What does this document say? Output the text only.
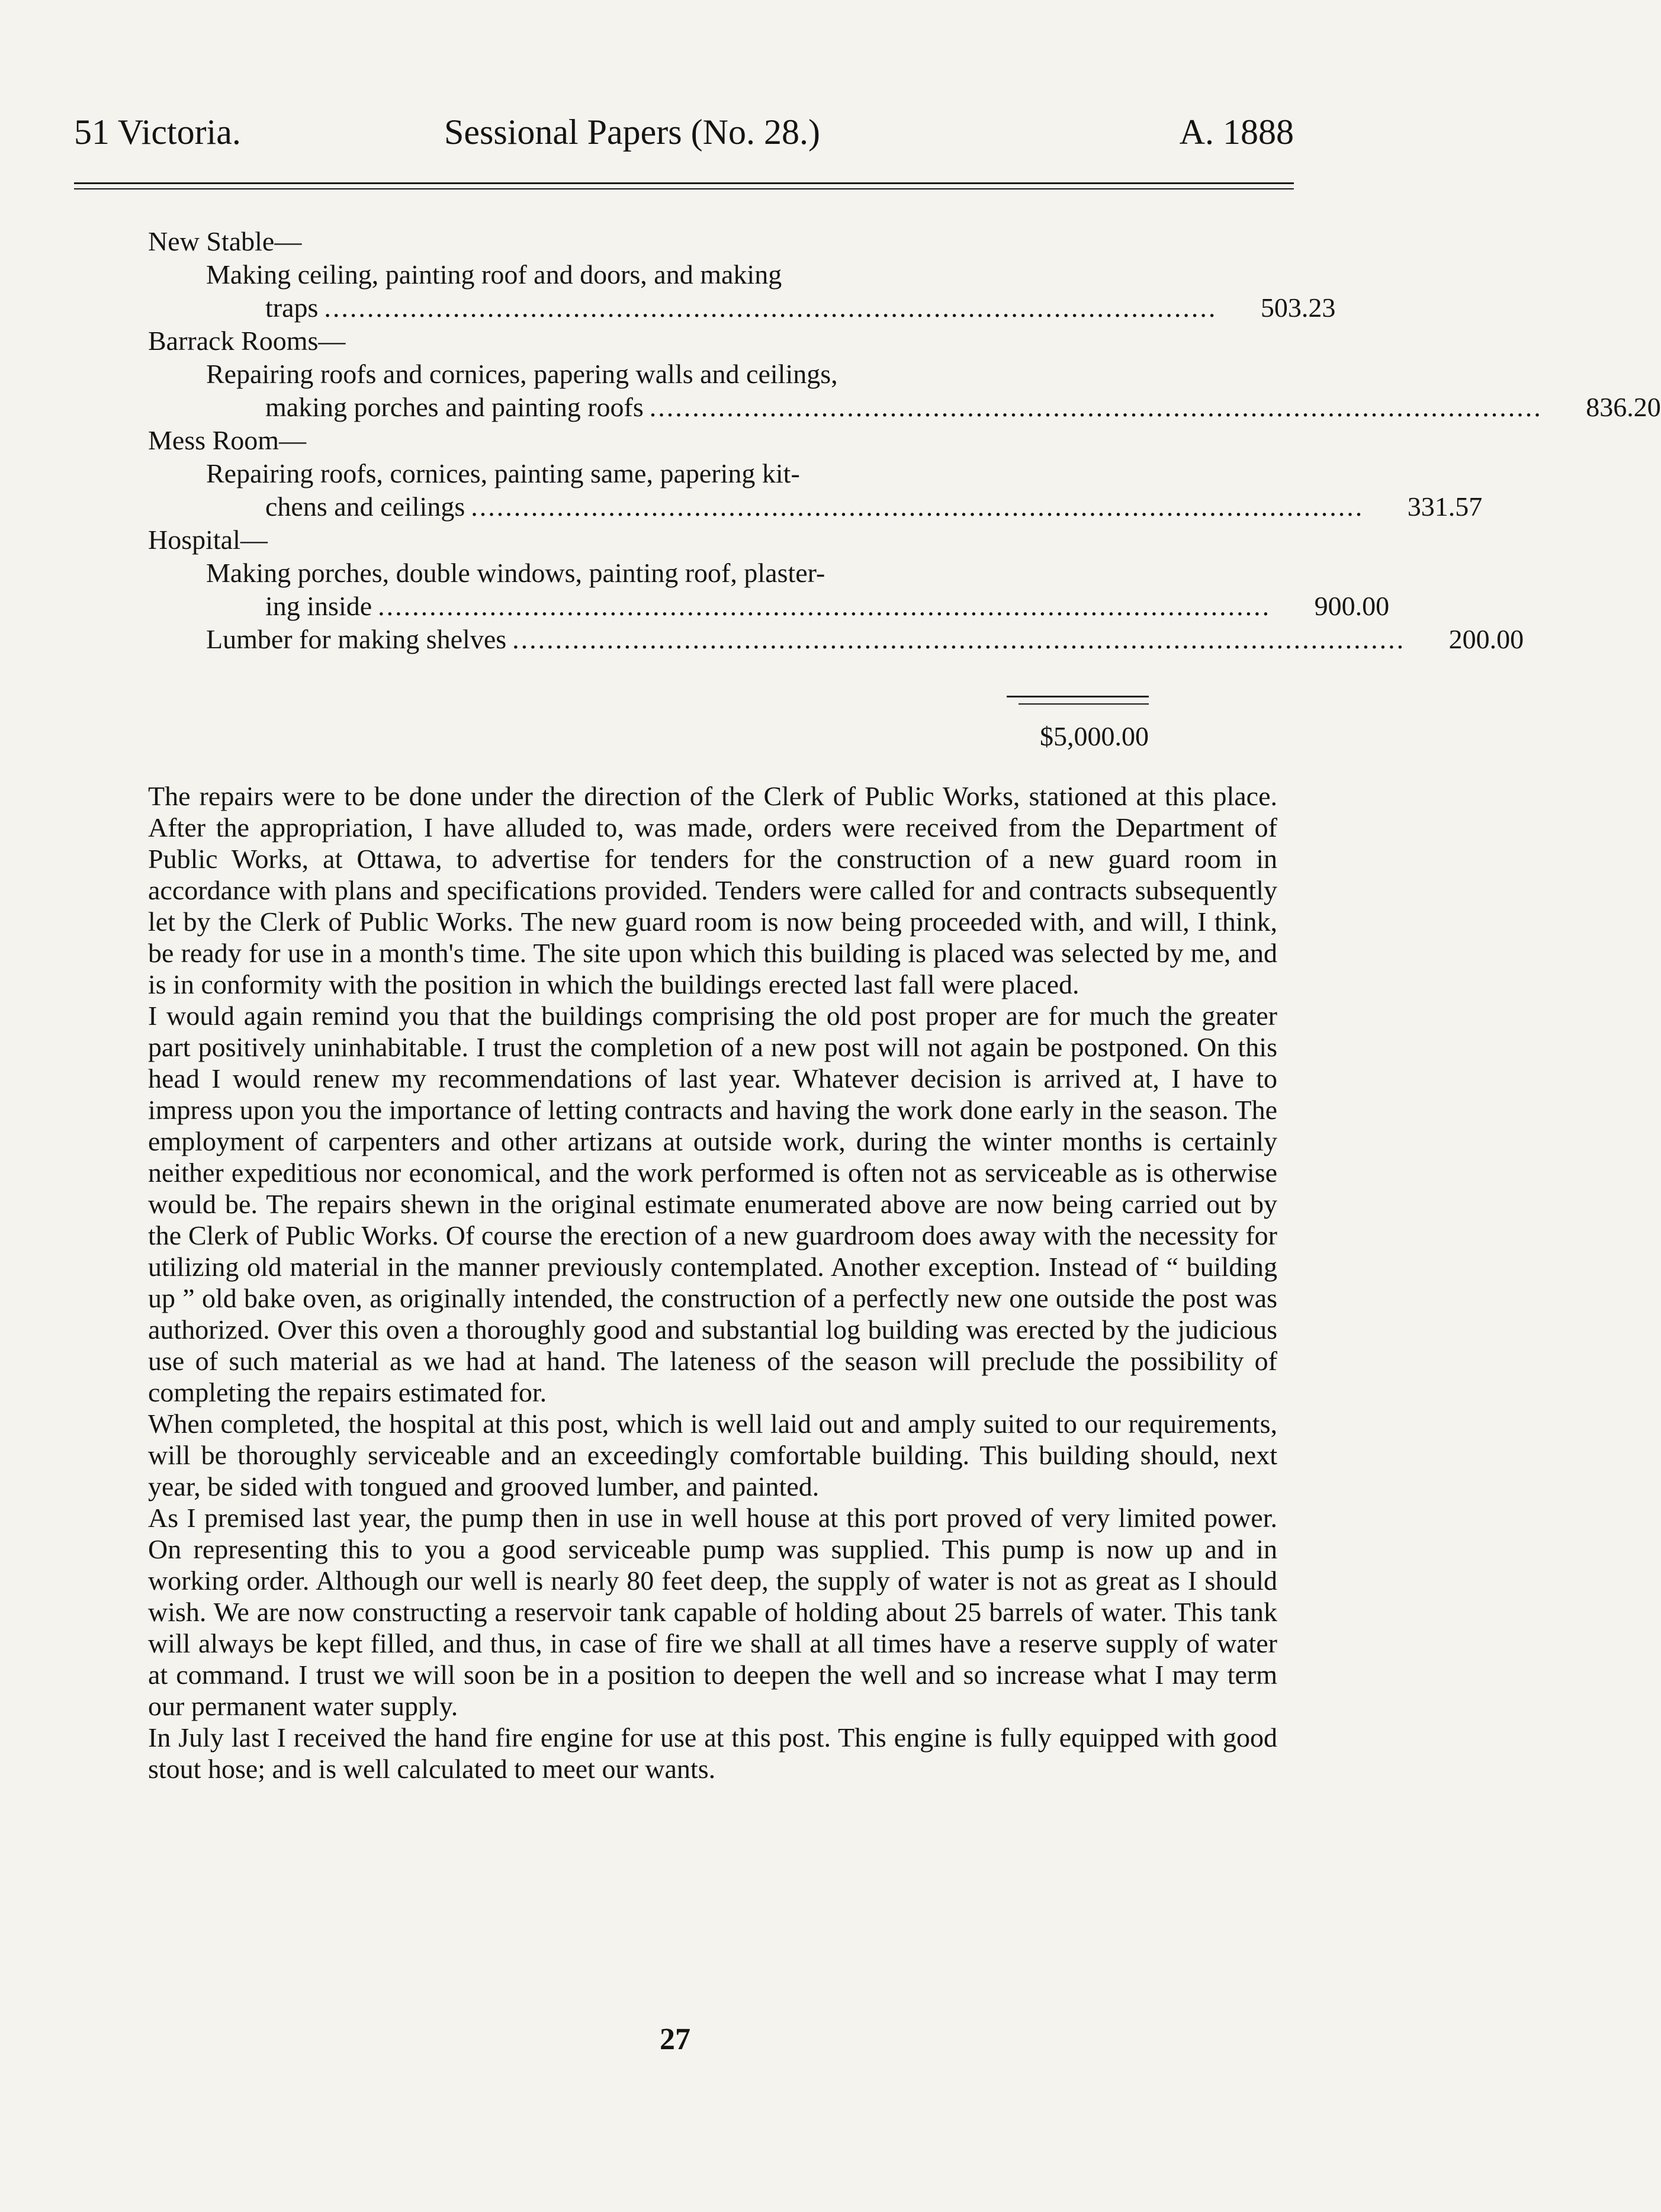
51 Victoria.	Sessional Papers (No. 28.)	A. 1888
New Stable—
Making ceiling, painting roof and doors, and making
traps ........................................................................................................	503.23
Barrack Rooms—
Repairing roofs and cornices, papering walls and ceilings,
making porches and painting roofs ........................................................................................................	836.20
Mess Room—
Repairing roofs, cornices, painting same, papering kit-
chens and ceilings ........................................................................................................	331.57
Hospital—
Making porches, double windows, painting roof, plaster-
ing inside ........................................................................................................	900.00
Lumber for making shelves ........................................................................................................	200.00
$5,000.00

The repairs were to be done under the direction of the Clerk of Public Works, stationed at this place. After the appropriation, I have alluded to, was made, orders were received from the Department of Public Works, at Ottawa, to advertise for tenders for the construction of a new guard room in accordance with plans and specifications provided. Tenders were called for and contracts subsequently let by the Clerk of Public Works. The new guard room is now being proceeded with, and will, I think, be ready for use in a month's time. The site upon which this building is placed was selected by me, and is in conformity with the position in which the buildings erected last fall were placed.

I would again remind you that the buildings comprising the old post proper are for much the greater part positively uninhabitable. I trust the completion of a new post will not again be postponed. On this head I would renew my recommendations of last year. Whatever decision is arrived at, I have to impress upon you the importance of letting contracts and having the work done early in the season. The employment of carpenters and other artizans at outside work, during the winter months is certainly neither expeditious nor economical, and the work performed is often not as serviceable as is otherwise would be. The repairs shewn in the original estimate enumerated above are now being carried out by the Clerk of Public Works. Of course the erection of a new guardroom does away with the necessity for utilizing old material in the manner previously contemplated. Another exception. Instead of “ building up ” old bake oven, as originally intended, the construction of a perfectly new one outside the post was authorized. Over this oven a thoroughly good and substantial log building was erected by the judicious use of such material as we had at hand. The lateness of the season will preclude the possibility of completing the repairs estimated for.

When completed, the hospital at this post, which is well laid out and amply suited to our requirements, will be thoroughly serviceable and an exceedingly comfortable building. This building should, next year, be sided with tongued and grooved lumber, and painted.

As I premised last year, the pump then in use in well house at this port proved of very limited power. On representing this to you a good serviceable pump was supplied. This pump is now up and in working order. Although our well is nearly 80 feet deep, the supply of water is not as great as I should wish. We are now constructing a reservoir tank capable of holding about 25 barrels of water. This tank will always be kept filled, and thus, in case of fire we shall at all times have a reserve supply of water at command. I trust we will soon be in a position to deepen the well and so increase what I may term our permanent water supply.

In July last I received the hand fire engine for use at this post. This engine is fully equipped with good stout hose; and is well calculated to meet our wants.

27
